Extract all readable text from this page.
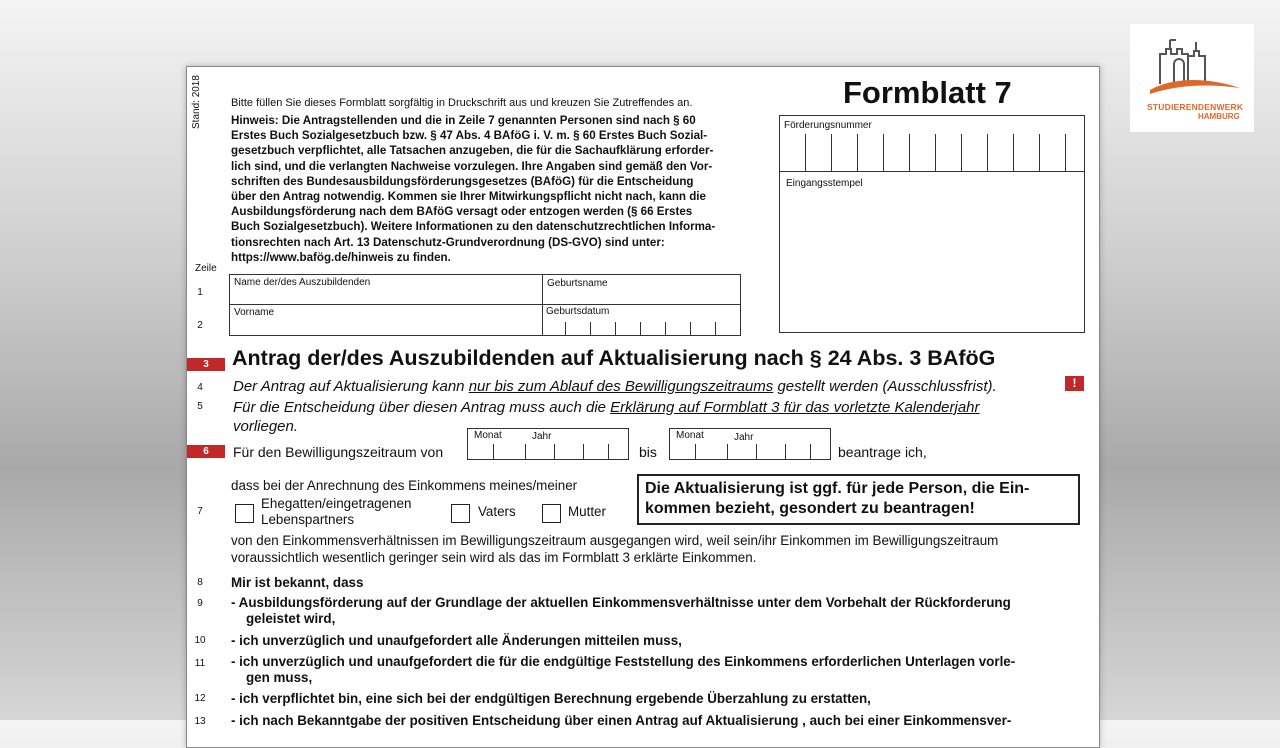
Stand: 2018	Bitte füllen Sie dieses Formblatt sorgfältig in Druckschrift aus und kreuzen Sie Zutreffendes an.
Hinweis: Die Antragstellenden und die in Zeile 7 genannten Personen sind nach § 60
Erstes Buch Sozialgesetzbuch bzw. § 47 Abs. 4 BAföG i. V. m. § 60 Erstes Buch Sozial-
gesetzbuch verpflichtet, alle Tatsachen anzugeben, die für die Sachaufklärung erforder-
lich sind, und die verlangten Nachweise vorzulegen. Ihre Angaben sind gemäß den Vor-
schriften des Bundesausbildungsförderungsgesetzes (BAföG) für die Entscheidung
über den Antrag notwendig. Kommen sie Ihrer Mitwirkungspflicht nicht nach, kann die
Ausbildungsförderung nach dem BAföG versagt oder entzogen werden (§ 66 Erstes
Buch Sozialgesetzbuch). Weitere Informationen zu den datenschutzrechtlichen Informa-
tionsrechten nach Art. 13 Datenschutz-Grundverordnung (DS-GVO) sind unter:
https://www.bafög.de/hinweis zu finden.
Formblatt 7
Förderungsnummer
Eingangsstempel
Zeile
1
2
Name der/des Auszubildenden	Geburtsname
Vorname	Geburtsdatum
3	Antrag der/des Auszubildenden auf Aktualisierung nach § 24 Abs. 3 BAföG
4	Der Antrag auf Aktualisierung kann nur bis zum Ablauf des Bewilligungszeitraums gestellt werden (Ausschlussfrist).	!
5	Für die Entscheidung über diesen Antrag muss auch die Erklärung auf Formblatt 3 für das vorletzte Kalenderjahr
vorliegen.
6	Für den Bewilligungszeitraum von
Monat	Jahr
bis
Monat	Jahr
beantrage ich,
dass bei der Anrechnung des Einkommens meines/meiner
7
Ehegatten/eingetragenen
Lebenspartners
Vaters	Mutter
Die Aktualisierung ist ggf. für jede Person, die Ein-
kommen bezieht, gesondert zu beantragen!
von den Einkommensverhältnissen im Bewilligungszeitraum ausgegangen wird, weil sein/ihr Einkommen im Bewilligungszeitraum
voraussichtlich wesentlich geringer sein wird als das im Formblatt 3 erklärte Einkommen.
8	Mir ist bekannt, dass
9	- Ausbildungsförderung auf der Grundlage der aktuellen Einkommensverhältnisse unter dem Vorbehalt der Rückforderung
geleistet wird,
10	- ich unverzüglich und unaufgefordert alle Änderungen mitteilen muss,
11	- ich unverzüglich und unaufgefordert die für die endgültige Feststellung des Einkommens erforderlichen Unterlagen vorle-
gen muss,
12	- ich verpflichtet bin, eine sich bei der endgültigen Berechnung ergebende Überzahlung zu erstatten,
13	- ich nach Bekanntgabe der positiven Entscheidung über einen Antrag auf Aktualisierung , auch bei einer Einkommensver-
STUDIERENDENWERK
HAMBURG
